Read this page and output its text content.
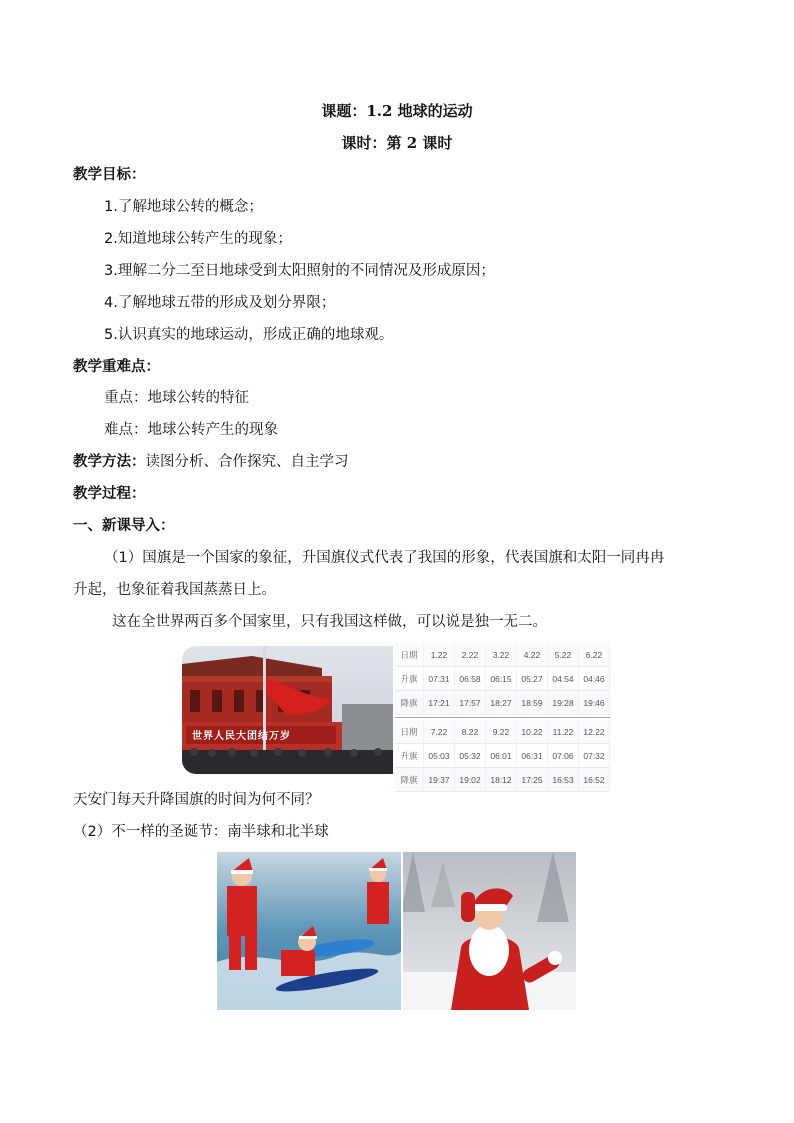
课题：1.2 地球的运动
课时：第 2 课时
教学目标：
1.了解地球公转的概念；
2.知道地球公转产生的现象；
3.理解二分二至日地球受到太阳照射的不同情况及形成原因；
4.了解地球五带的形成及划分界限；
5.认识真实的地球运动，形成正确的地球观。
教学重难点：
重点：地球公转的特征
难点：地球公转产生的现象
教学方法：读图分析、合作探究、自主学习
教学过程：
一、新课导入：
（1）国旗是一个国家的象征，升国旗仪式代表了我国的形象，代表国旗和太阳一同冉冉
升起，也象征着我国蒸蒸日上。
这在全世界两百多个国家里，只有我国这样做，可以说是独一无二。
世界人民大团结万岁
日期	1.22	2.22	3.22	4.22	5.22	6.22
升旗	07:31	06:58	06:15	05:27	04:54	04:46
降旗	17:21	17:57	18:27	18:59	19:28	19:46
日期	7.22	8.22	9.22	10.22	11.22	12.22
升旗	05:03	05:32	06:01	06:31	07:06	07:32
降旗	19:37	19:02	18:12	17:25	16:53	16:52
天安门每天升降国旗的时间为何不同？
（2）不一样的圣诞节：南半球和北半球
